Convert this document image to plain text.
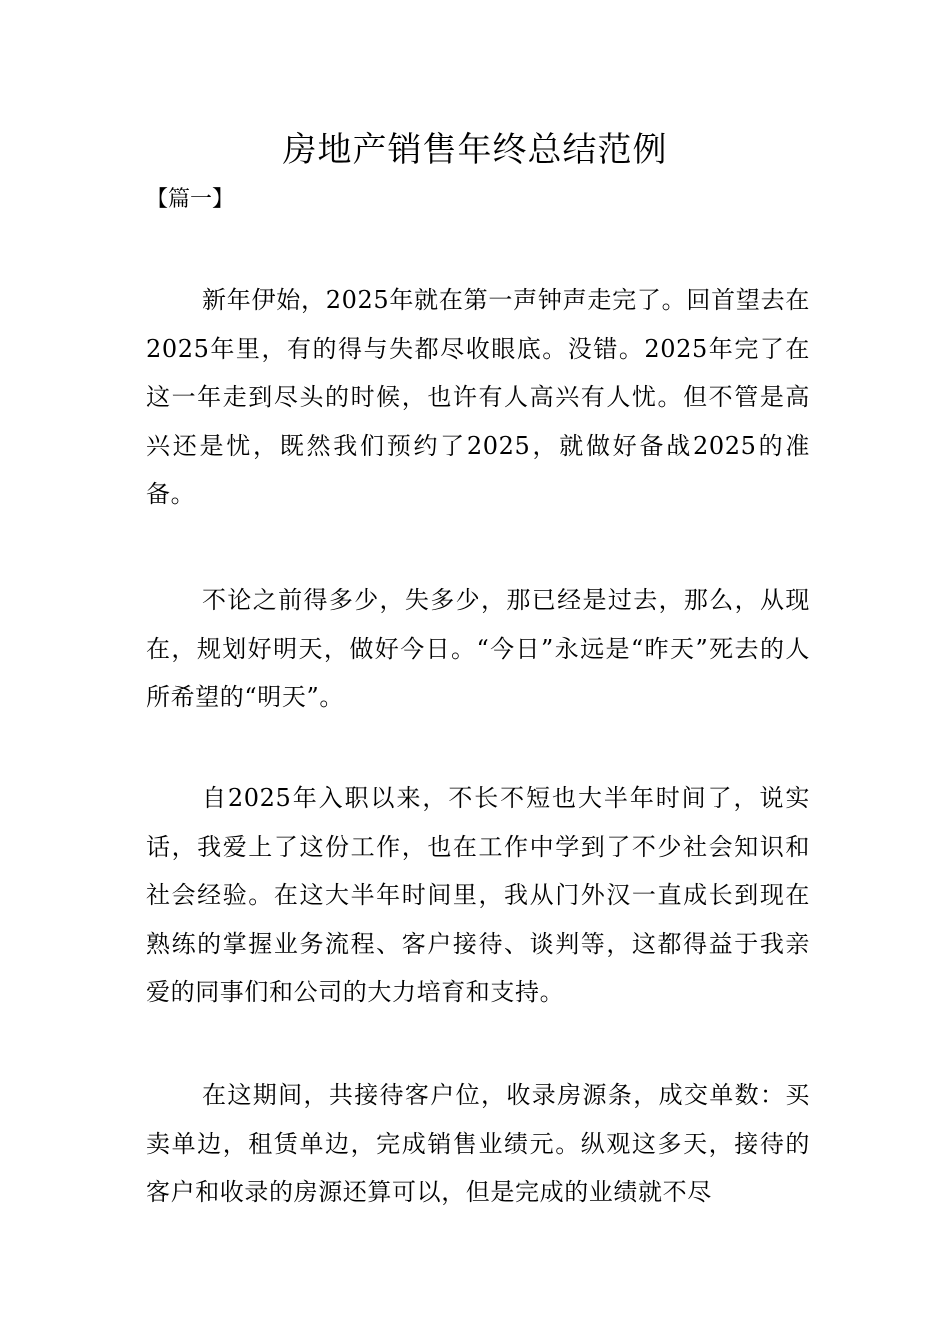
房地产销售年终总结范例
【篇一】

新年伊始，2025年就在第一声钟声走完了。回首望去在2025年里，有的得与失都尽收眼底。没错。2025年完了在这一年走到尽头的时候，也许有人高兴有人忧。但不管是高兴还是忧，既然我们预约了2025，就做好备战2025的准备。

不论之前得多少，失多少，那已经是过去，那么，从现在，规划好明天，做好今日。“今日”永远是“昨天”死去的人所希望的“明天”。

自2025年入职以来，不长不短也大半年时间了，说实话，我爱上了这份工作，也在工作中学到了不少社会知识和社会经验。在这大半年时间里，我从门外汉一直成长到现在熟练的掌握业务流程、客户接待、谈判等，这都得益于我亲爱的同事们和公司的大力培育和支持。

在这期间，共接待客户位，收录房源条，成交单数：买卖单边，租赁单边，完成销售业绩元。纵观这多天，接待的客户和收录的房源还算可以，但是完成的业绩就不尽
